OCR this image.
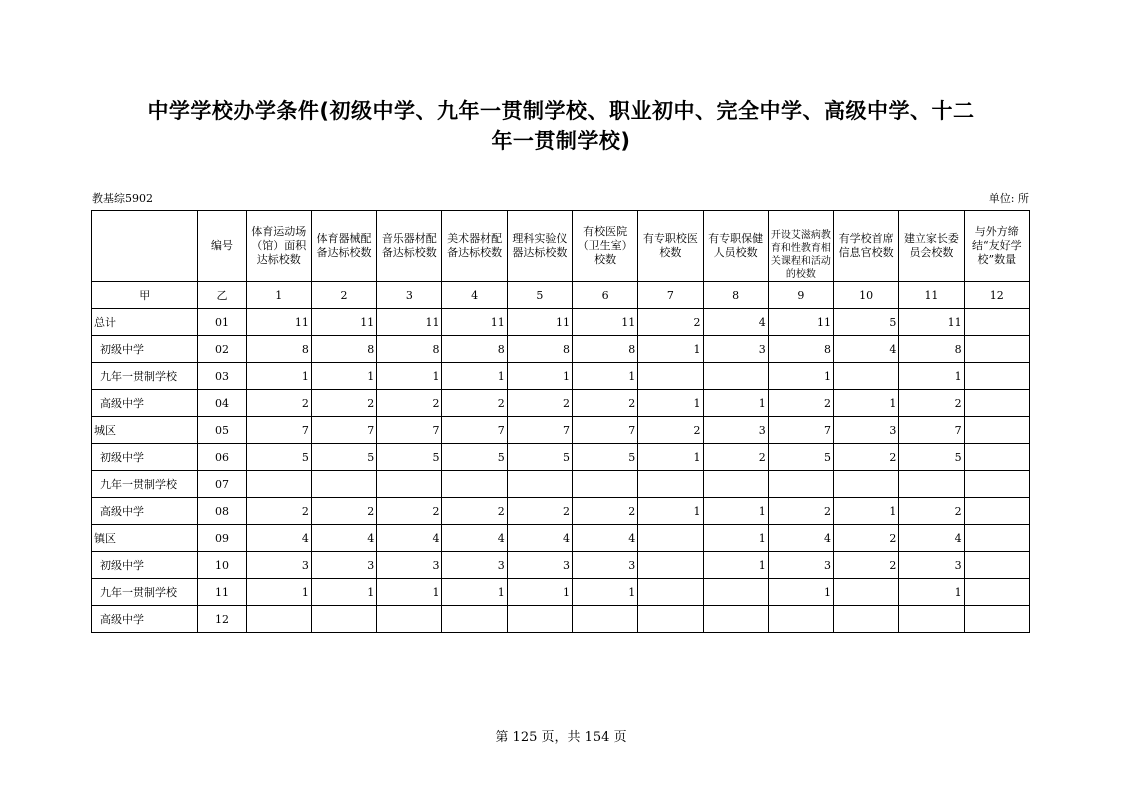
中学学校办学条件(初级中学、九年一贯制学校、职业初中、完全中学、高级中学、十二
年一贯制学校)
教基综5902	单位: 所
	编号	体育运动场（馆）面积达标校数	体育器械配备达标校数	音乐器材配备达标校数	美术器材配备达标校数	理科实验仪器达标校数	有校医院（卫生室）校数	有专职校医校数	有专职保健人员校数	开设艾滋病教育和性教育相关课程和活动的校数	有学校首席信息官校数	建立家长委员会校数	与外方缔结“友好学校”数量
甲	乙	1	2	3	4	5	6	7	8	9	10	11	12
总计	01	11	11	11	11	11	11	2	4	11	5	11	
初级中学	02	8	8	8	8	8	8	1	3	8	4	8	
九年一贯制学校	03	1	1	1	1	1	1			1		1	
高级中学	04	2	2	2	2	2	2	1	1	2	1	2	
城区	05	7	7	7	7	7	7	2	3	7	3	7	
初级中学	06	5	5	5	5	5	5	1	2	5	2	5	
九年一贯制学校	07												
高级中学	08	2	2	2	2	2	2	1	1	2	1	2	
镇区	09	4	4	4	4	4	4		1	4	2	4	
初级中学	10	3	3	3	3	3	3		1	3	2	3	
九年一贯制学校	11	1	1	1	1	1	1			1		1	
高级中学	12												
第 125 页，共 154 页
